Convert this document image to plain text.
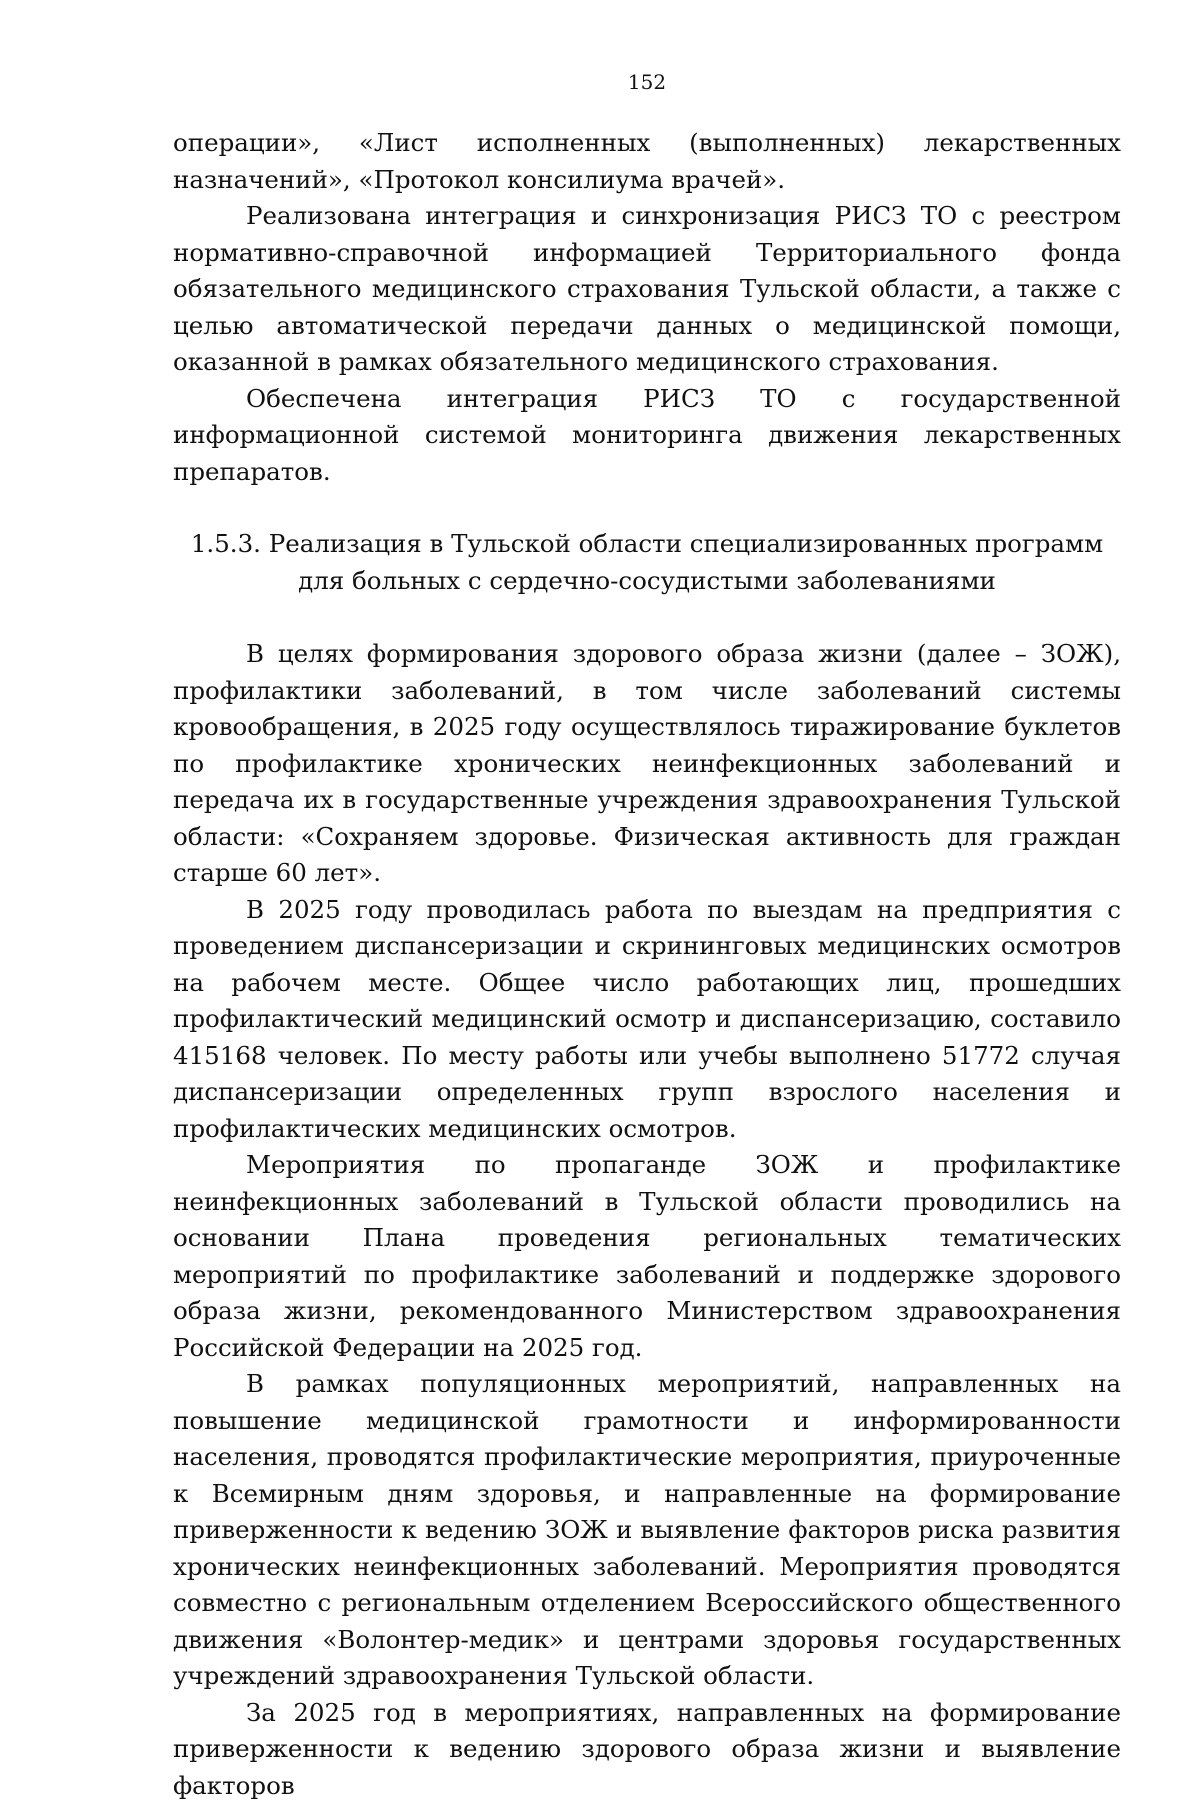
152

операции», «Лист исполненных (выполненных) лекарственных назначений», «Протокол консилиума врачей».

Реализована интеграция и синхронизация РИСЗ ТО с реестром нормативно-справочной информацией Территориального фонда обязательного медицинского страхования Тульской области, а также с целью автоматической передачи данных о медицинской помощи, оказанной в рамках обязательного медицинского страхования.

Обеспечена интеграция РИСЗ ТО с государственной информационной системой мониторинга движения лекарственных препаратов.

1.5.3. Реализация в Тульской области специализированных программ
для больных с сердечно-сосудистыми заболеваниями

В целях формирования здорового образа жизни (далее – ЗОЖ), профилактики заболеваний, в том числе заболеваний системы кровообращения, в 2025 году осуществлялось тиражирование буклетов по профилактике хронических неинфекционных заболеваний и передача их в государственные учреждения здравоохранения Тульской области: «Сохраняем здоровье. Физическая активность для граждан старше 60 лет».

В 2025 году проводилась работа по выездам на предприятия с проведением диспансеризации и скрининговых медицинских осмотров на рабочем месте. Общее число работающих лиц, прошедших профилактический медицинский осмотр и диспансеризацию, составило 415168 человек. По месту работы или учебы выполнено 51772 случая диспансеризации определенных групп взрослого населения и профилактических медицинских осмотров.

Мероприятия по пропаганде ЗОЖ и профилактике неинфекционных заболеваний в Тульской области проводились на основании Плана проведения региональных тематических мероприятий по профилактике заболеваний и поддержке здорового образа жизни, рекомендованного Министерством здравоохранения Российской Федерации на 2025 год.

В рамках популяционных мероприятий, направленных на повышение медицинской грамотности и информированности населения, проводятся профилактические мероприятия, приуроченные к Всемирным дням здоровья, и направленные на формирование приверженности к ведению ЗОЖ и выявление факторов риска развития хронических неинфекционных заболеваний. Мероприятия проводятся совместно с региональным отделением Всероссийского общественного движения «Волонтер-медик» и центрами здоровья государственных учреждений здравоохранения Тульской области.

За 2025 год в мероприятиях, направленных на формирование приверженности к ведению здорового образа жизни и выявление факторов
